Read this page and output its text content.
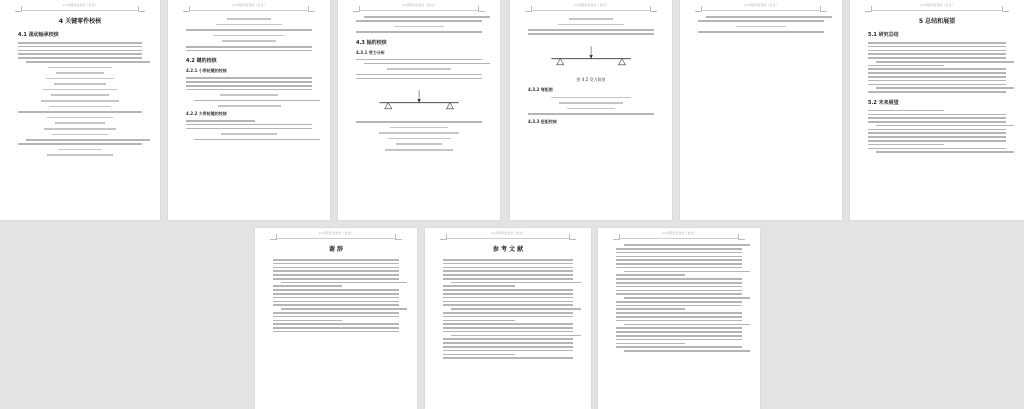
××学院毕业设计（论文）
4 关键零件校核
4.1 滚动轴承校核
××学院毕业设计（论文）
4.2 键的校核
4.2.1 小带轮键的校核
4.2.2 大带轮键的校核
××学院毕业设计（论文）
4.3 轴的校核
4.3.1 受力分析
××学院毕业设计（论文）
图 4.2 受力简图
4.3.2 弯矩图
4.3.3 扭矩校核
××学院毕业设计（论文）	××学院毕业设计（论文）
5 总结和展望
5.1 研究总结
5.2 未来展望
××学院毕业设计（论文）
谢 辞
××学院毕业设计（论文）
参 考 文 献
××学院毕业设计（论文）
